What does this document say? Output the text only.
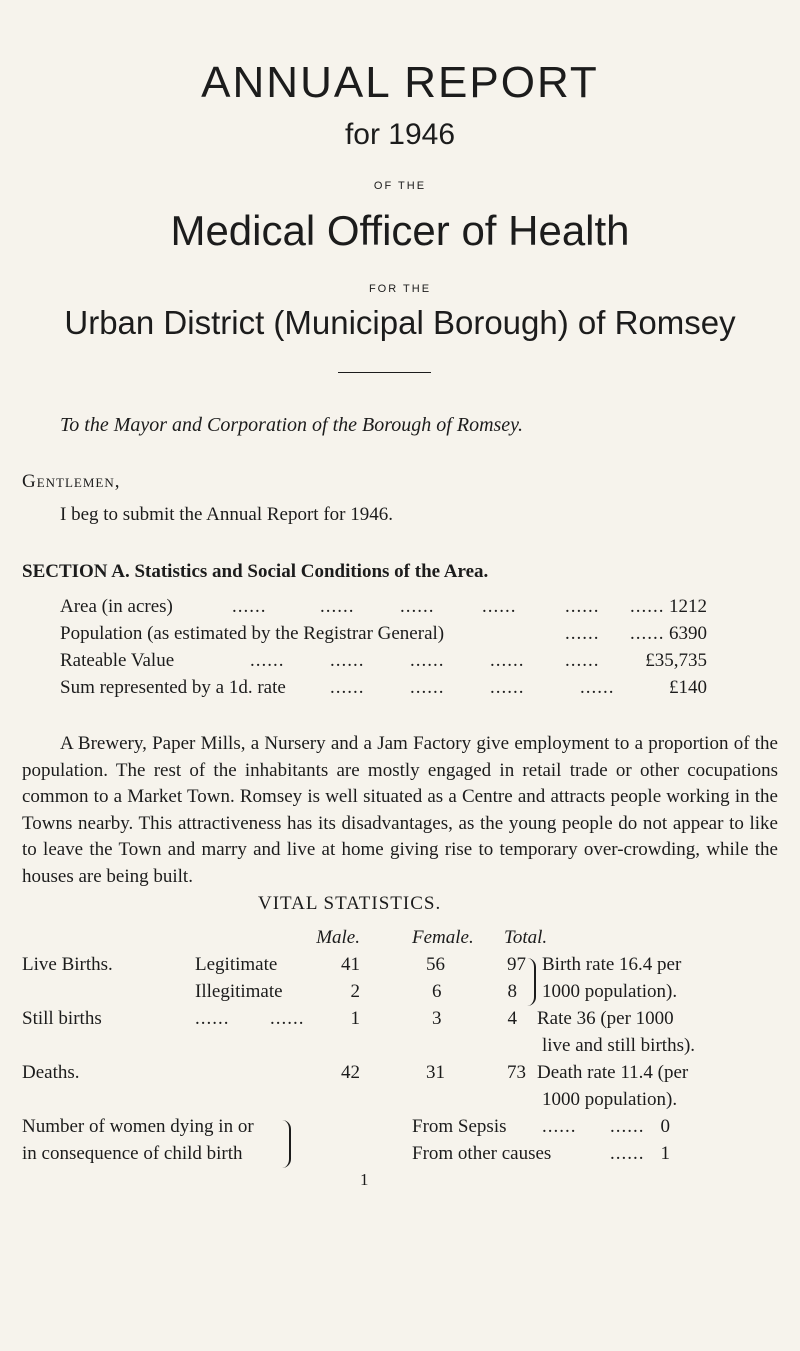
ANNUAL REPORT
for 1946
OF THE
Medical Officer of Health
FOR THE
Urban District (Municipal Borough) of Romsey
To the Mayor and Corporation of the Borough of Romsey.
Gentlemen,
I beg to submit the Annual Report for 1946.
SECTION A. Statistics and Social Conditions of the Area.
Area (in acres)	......	...... ......	......	...... ...... 1212
Population (as estimated by the Registrar General)	...... ...... 6390
Rateable Value	...... ...... ...... ...... ...... £35,735
Sum represented by a 1d. rate ...... ...... ......	......	£140
A Brewery, Paper Mills, a Nursery and a Jam Factory give employment to a proportion of the population. The rest of the inhabitants are mostly engaged in retail trade or other cocupations common to a Market Town. Romsey is well situated as a Centre and attracts people working in the Towns nearby. This attractiveness has its disadvantages, as the young people do not appear to like to leave the Town and marry and live at home giving rise to temporary over-crowding, while the houses are being built.
VITAL STATISTICS.
Male.	Female. Total.
Live Births.	Legitimate	41	56	97 Birth rate 16.4 per
Illegitimate	2	6	8 1000 population).
Still births	...... ......	1	3	4 Rate 36 (per 1000
live and still births).
Deaths.	42	31	73 Death rate 11.4 (per
1000 population).
Number of women dying in or
in consequence of child birth
From Sepsis ...... ...... 0
From other causes	...... 1
1
